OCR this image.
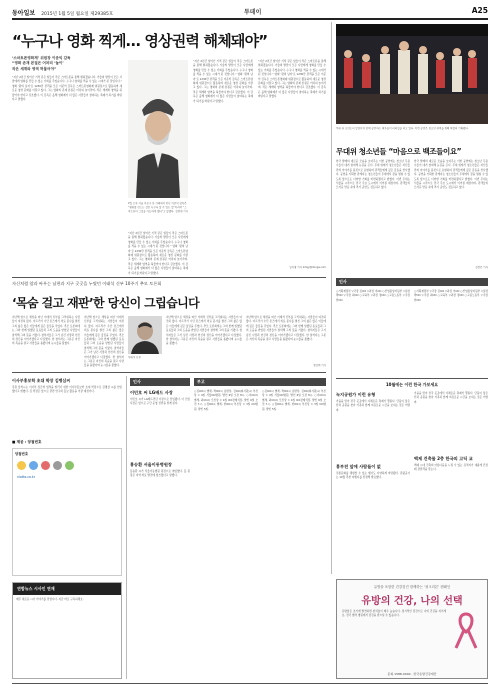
동아일보 2015년 1월 5일 월요일 제29385호	투데이	A25
“누구나 영화 찍게… 영상권력 해체돼야”
‘스마트폰영화제’ 위원장 이준익 감독
“영화 존재 본질은 어차피 ‘놀이’
작은 세계와 영역 허물어야”
“지난 2년간 일어난 기적 같은 일들이 작은 스마트폰을 통해 펼쳐졌습니다. 기술의 발전이 모든 사람에게 영화를 만들 수 있는 기회를 주었습니다. 누구나 영화를 찍을 수 있는 시대가 된 것입니다.” 영화 ‘왕의 남자’로 1230만 관객을 모은 이준익 감독은 스마트폰영화제 위원장으로 활동하며 새로운 영상 문화를 이끌고 있다. 그는 영화의 존재 본질은 어차피 놀이라며, 작은 세계와 영역을 허물어야 한다고 강조했다. 이 감독은 올해 영화제가 더 많은 사람들이 참여하는 축제가 되기를 바란다고 말했다.
2일 오후 서울 마포구 한 카페에서 만난 이준익 감독은 “영화를 만드는 것은 누구나 할 수 있는 일”이라며 “스마트폰이 그것을 가능하게 했다”고 말했다. 김경제 기자
“지난 2년간 일어난 기적 같은 일들이 작은 스마트폰을 통해 펼쳐졌습니다. 기술의 발전이 모든 사람에게 영화를 만들 수 있는 기회를 주었습니다. 누구나 영화를 찍을 수 있는 시대가 된 것입니다.” 영화 ‘왕의 남자’로 1230만 관객을 모은 이준익 감독은 스마트폰영화제 위원장으로 활동하며 새로운 영상 문화를 이끌고 있다. 그는 영화의 존재 본질은 어차피 놀이라며, 작은 세계와 영역을 허물어야 한다고 강조했다. 이 감독은 올해 영화제가 더 많은 사람들이 참여하는 축제가 되기를 바란다고 말했다.
“지난 2년간 일어난 기적 같은 일들이 작은 스마트폰을 통해 펼쳐졌습니다. 기술의 발전이 모든 사람에게 영화를 만들 수 있는 기회를 주었습니다. 누구나 영화를 찍을 수 있는 시대가 된 것입니다.” 영화 ‘왕의 남자’로 1230만 관객을 모은 이준익 감독은 스마트폰영화제 위원장으로 활동하며 새로운 영상 문화를 이끌고 있다. 그는 영화의 존재 본질은 어차피 놀이라며, 작은 세계와 영역을 허물어야 한다고 강조했다. 이 감독은 올해 영화제가 더 많은 사람들이 참여하는 축제가 되기를 바란다고 말했다.
“지난 2년간 일어난 기적 같은 일들이 작은 스마트폰을 통해 펼쳐졌습니다. 기술의 발전이 모든 사람에게 영화를 만들 수 있는 기회를 주었습니다. 누구나 영화를 찍을 수 있는 시대가 된 것입니다.” 영화 ‘왕의 남자’로 1230만 관객을 모은 이준익 감독은 스마트폰영화제 위원장으로 활동하며 새로운 영상 문화를 이끌고 있다. 그는 영화의 존재 본질은 어차피 놀이라며, 작은 세계와 영역을 허물어야 한다고 강조했다. 이 감독은 올해 영화제가 더 많은 사람들이 참여하는 축제가 되기를 바란다고 말했다.
김지영 기자 kimjy@donga.com
무대 뒤 소년소녀 합창단과 함께 공연하는 배우들이 리허설을 하고 있다. 이번 공연은 청소년 관객을 위해 특별히 기획됐다.
무대위 청소년들 “마음으로 백조들이요”
한국 발레의 새로운 모습을 보여주는 이번 공연에는 청소년 무용수들이 대거 참여해 눈길을 끈다. 무대 위에서 청소년들은 자신들만의 이야기를 몸짓으로 표현하며 관객들에게 깊은 감동을 선사했다. 공연을 기획한 관계자는 청소년들이 무대에서 꿈을 펼칠 수 있도록 앞으로도 다양한 기회를 마련하겠다고 밝혔다. 이번 무대는 서울을 시작으로 전국 주요 도시에서 이어질 예정이며, 관객들의 뜨거운 반응 속에 추가 공연도 검토하고 있다.
한국 발레의 새로운 모습을 보여주는 이번 공연에는 청소년 무용수들이 대거 참여해 눈길을 끈다. 무대 위에서 청소년들은 자신들만의 이야기를 몸짓으로 표현하며 관객들에게 깊은 감동을 선사했다. 공연을 기획한 관계자는 청소년들이 무대에서 꿈을 펼칠 수 있도록 앞으로도 다양한 기회를 마련하겠다고 밝혔다. 이번 무대는 서울을 시작으로 전국 주요 도시에서 이어질 예정이며, 관객들의 뜨거운 반응 속에 추가 공연도 검토하고 있다.
김정은 기자
자신처럼 암과 싸우는 남편과 지구 곳곳을 누볐던 이태석 신부 10주기 추모 토론회
‘목숨 걸고 재판’한 당신이 그립습니다
지난해 암으로 세상을 떠난 이태석 신부를 그리워하는 사람들이 여전히 많다. 아프리카 수단 톤즈에서 의료 봉사를 펼친 그의 삶은 많은 이들에게 깊은 울림을 주었다. 추모 토론회에는 그와 함께 일했던 동료들과 그의 도움을 받았던 사람들이 참석해 그의 뜻을 기렸다. 참석자들은 그가 남긴 사랑과 헌신의 정신을 이어가겠다고 다짐했다. 한 참석자는 그분은 자신의 목숨을 걸고 사람들을 돌봤다며 눈시울을 붉혔다.
지난해 암으로 세상을 떠난 이태석 신부를 그리워하는 사람들이 여전히 많다. 아프리카 수단 톤즈에서 의료 봉사를 펼친 그의 삶은 많은 이들에게 깊은 울림을 주었다. 추모 토론회에는 그와 함께 일했던 동료들과 그의 도움을 받았던 사람들이 참석해 그의 뜻을 기렸다. 참석자들은 그가 남긴 사랑과 헌신의 정신을 이어가겠다고 다짐했다. 한 참석자는 그분은 자신의 목숨을 걸고 사람들을 돌봤다며 눈시울을 붉혔다.
이태석 신부
지난해 암으로 세상을 떠난 이태석 신부를 그리워하는 사람들이 여전히 많다. 아프리카 수단 톤즈에서 의료 봉사를 펼친 그의 삶은 많은 이들에게 깊은 울림을 주었다. 추모 토론회에는 그와 함께 일했던 동료들과 그의 도움을 받았던 사람들이 참석해 그의 뜻을 기렸다. 참석자들은 그가 남긴 사랑과 헌신의 정신을 이어가겠다고 다짐했다. 한 참석자는 그분은 자신의 목숨을 걸고 사람들을 돌봤다며 눈시울을 붉혔다.
지난해 암으로 세상을 떠난 이태석 신부를 그리워하는 사람들이 여전히 많다. 아프리카 수단 톤즈에서 의료 봉사를 펼친 그의 삶은 많은 이들에게 깊은 울림을 주었다. 추모 토론회에는 그와 함께 일했던 동료들과 그의 도움을 받았던 사람들이 참석해 그의 뜻을 기렸다. 참석자들은 그가 남긴 사랑과 헌신의 정신을 이어가겠다고 다짐했다. 한 참석자는 그분은 자신의 목숨을 걸고 사람들을 돌봤다며 눈시울을 붉혔다.
정성택 기자
이사부홍보학 초대 학장 김병삼씨
강원 삼척시는 이사부 장군의 업적을 알리기 위한 이사부홍보학 초대 학장으로 김병삼 씨를 선임했다고 밝혔다. 김 학장은 앞으로 관련 연구와 홍보 활동을 이끌 예정이다.
■ 제공 : 당첨번호
당첨번호
nlotto.co.kr
연합뉴스 시사인 연재
매주 새로운 시사 이야기를 전합니다. 지금 바로 구독하세요.
인사
이민호 씨 LG배드 사장
이민호 씨가 LG배드민턴 사장으로 선임됐다. 이 신임 사장은 앞으로 구단 운영 전반을 맡게 된다.
홍승환 서울이동병원장
홍승환 씨가 서울이동병원 원장으로 취임했다. 홍 원장은 지역 의료 발전에 힘쓰겠다고 말했다.
부고
○김OO씨 별세, 박OO씨 남편상, 김OO(회사원)씨 부친상 = 4일 서울OO병원, 발인 6일 오전 8시. ○이OO씨 별세, 최OO씨 모친상 = 4일 OO장례식장, 발인 6일 오전 7시. ○정OO씨 별세, 한OO씨 부친상 = 3일 OO병원, 발인 5일.
○김OO씨 별세, 박OO씨 남편상, 김OO(회사원)씨 부친상 = 4일 서울OO병원, 발인 6일 오전 8시. ○이OO씨 별세, 최OO씨 모친상 = 4일 OO장례식장, 발인 6일 오전 7시. ○정OO씨 별세, 한OO씨 부친상 = 3일 OO병원, 발인 5일.
인사
○기획재정부 ▽국장 김OO ▽과장 이OO ○산업통상자원부 ▽실장 박OO ▽국장 최OO ○교육부 ▽과장 정OO ○고용노동부 ▽국장 한OO
○기획재정부 ▽국장 김OO ▽과장 이OO ○산업통상자원부 ▽실장 박OO ▽국장 최OO ○교육부 ▽과장 정OO ○고용노동부 ▽국장 한OO
10월에는 이런 한국 가보세요
녹지공원가 이런 유형
가을을 맞아 전국 곳곳에서 다채로운 축제가 열린다. 단풍이 물든 산과 공원을 찾아 가족과 함께 여유로운 시간을 보내는 것은 어떨까.
흥부전 앞에 사람들이 없
전통문화를 체험할 수 있는 행사도 다양하게 마련됐다. 관광공사는 10월 추천 여행지를 선정해 발표했다.
가을을 맞아 전국 곳곳에서 다채로운 축제가 열린다. 단풍이 물든 산과 공원을 찾아 가족과 함께 여유로운 시간을 보내는 것은 어떨까.
백제 건축물 2층 한국의 고딕 교
백제 시대 건축의 아름다움을 느낄 수 있는 유적지가 새롭게 단장돼 관람객을 맞는다.
유방을 포함한 건강검진 함께하는 ‘핑크리본’ 캠페인
유방의 건강, 나의 선택
유방암은 조기에 발견하면 완치율이 매우 높습니다. 정기적인 검진으로 나의 건강을 지키세요. 전국 협력 병원에서 검진을 받으실 수 있습니다.
문의 1588-0000 · 한국유방건강재단
